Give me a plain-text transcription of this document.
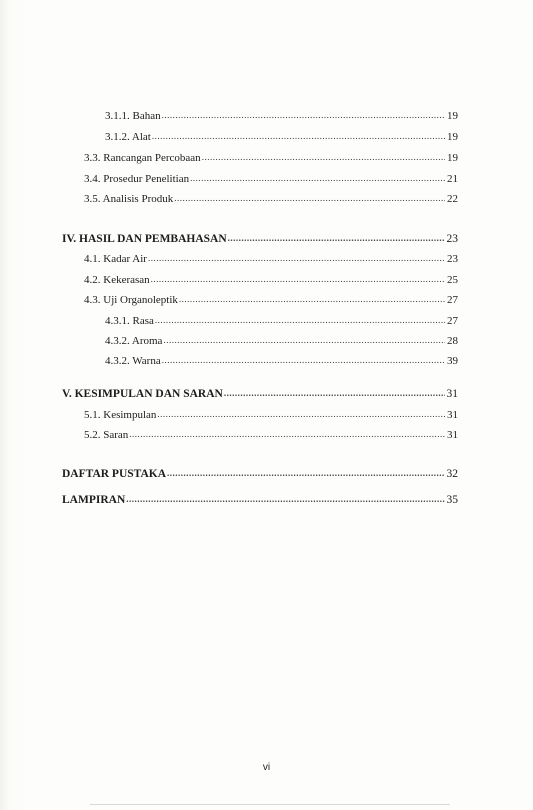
3.1.1. Bahan .....	19
3.1.2. Alat .....	19
3.3. Rancangan Percobaan .....	19
3.4. Prosedur Penelitian .....	21
3.5. Analisis Produk .....	22
IV. HASIL DAN PEMBAHASAN .....	23
4.1. Kadar Air .....	23
4.2. Kekerasan .....	25
4.3. Uji Organoleptik .....	27
4.3.1. Rasa .....	27
4.3.2. Aroma .....	28
4.3.2. Warna .....	39
V. KESIMPULAN DAN SARAN .....	31
5.1. Kesimpulan .....	31
5.2. Saran .....	31
DAFTAR PUSTAKA .....	32
LAMPIRAN .....	35
vi
